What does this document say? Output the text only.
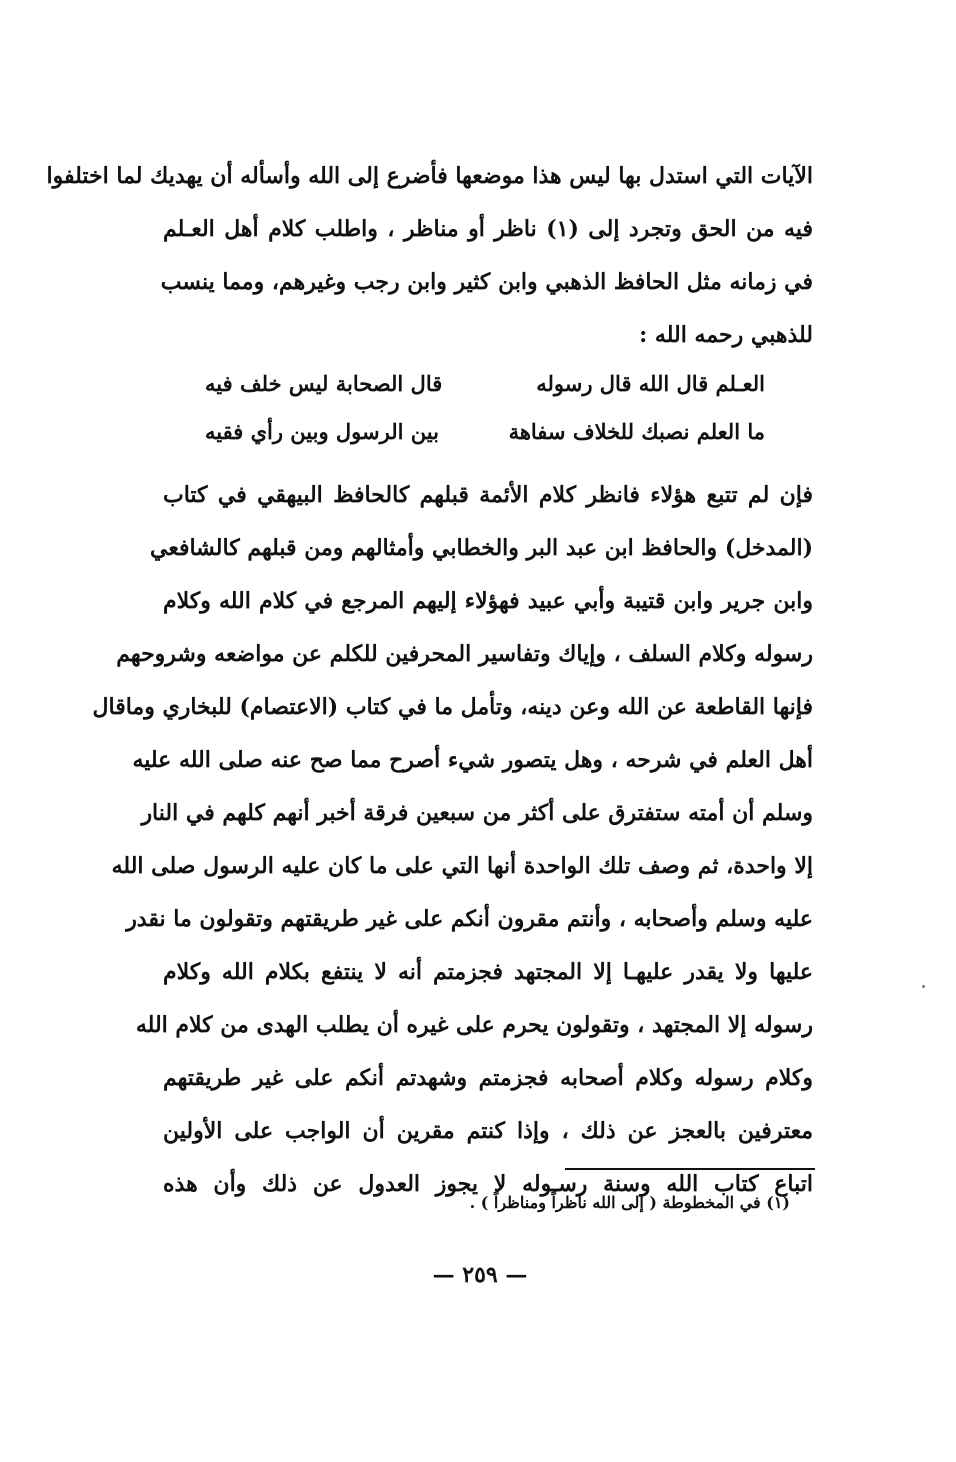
الآيات التي استدل بها ليس هذا موضعها فأضرع إلى الله وأسأله أن يهديك لما اختلفوا
فيه من الحق وتجرد إلى (١) ناظر أو مناظر ، واطلب كلام أهل العـلم
في زمانه مثل الحافظ الذهبي وابن كثير وابن رجب وغيرهم، ومما ينسب
للذهبي رحمه الله :
العـلم قال الله قال رسوله
قال الصحابة ليس خلف فيه
ما العلم نصبك للخلاف سفاهة
بين الرسول وبين رأي فقيه
فإن لم تتبع هؤلاء فانظر كلام الأئمة قبلهم كالحافظ البيهقي في كتاب
(المدخل) والحافظ ابن عبد البر والخطابي وأمثالهم ومن قبلهم كالشافعي
وابن جرير وابن قتيبة وأبي عبيد فهؤلاء إليهم المرجع في كلام الله وكلام
رسوله وكلام السلف ، وإياك وتفاسير المحرفين للكلم عن مواضعه وشروحهم
فإنها القاطعة عن الله وعن دينه، وتأمل ما في كتاب (الاعتصام) للبخاري وماقال
أهل العلم في شرحه ، وهل يتصور شيء أصرح مما صح عنه صلى الله عليه
وسلم أن أمته ستفترق على أكثر من سبعين فرقة أخبر أنهم كلهم في النار
إلا واحدة، ثم وصف تلك الواحدة أنها التي على ما كان عليه الرسول صلى الله
عليه وسلم وأصحابه ، وأنتم مقرون أنكم على غير طريقتهم وتقولون ما نقدر
عليها ولا يقدر عليهـا إلا المجتهد فجزمتم أنه لا ينتفع بكلام الله وكلام
رسوله إلا المجتهد ، وتقولون يحرم على غيره أن يطلب الهدى من كلام الله
وكلام رسوله وكلام أصحابه فجزمتم وشهدتم أنكم على غير طريقتهم
معترفين بالعجز عن ذلك ، وإذا كنتم مقرين أن الواجب على الأولين
اتباع كتاب الله وسنة رسـوله لا يجوز العدول عن ذلك وأن هذه
(١) في المخطوطة ( إلى الله ناظراً ومناظراً ) .
— ٢٥٩ —
